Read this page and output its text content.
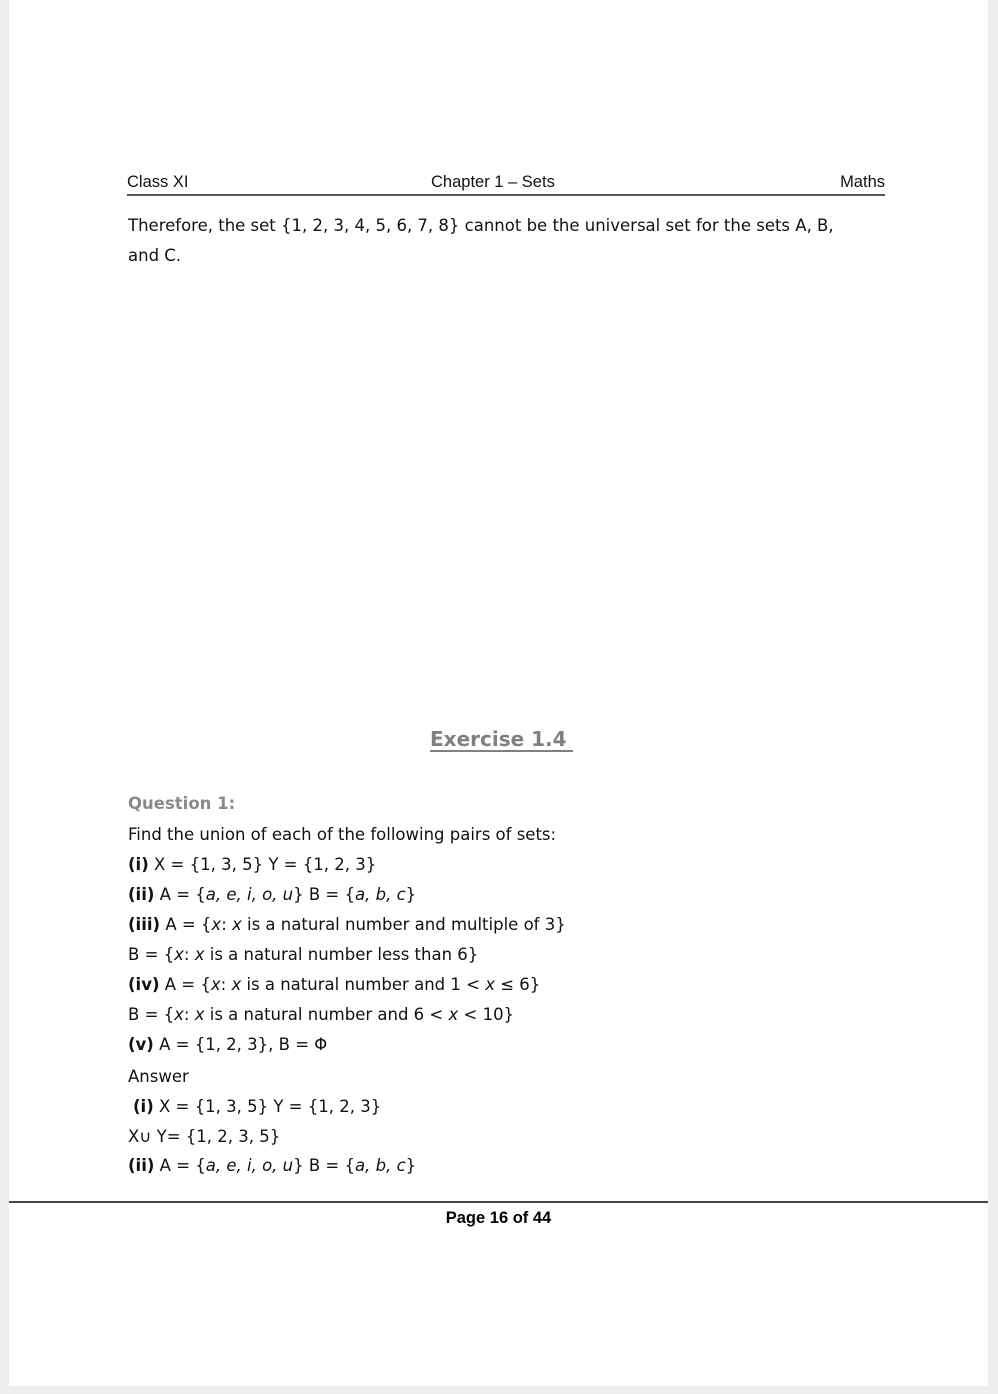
Class XI	Chapter 1 – Sets	Maths
Therefore, the set {1, 2, 3, 4, 5, 6, 7, 8} cannot be the universal set for the sets A, B,
and C.
Exercise 1.4
Question 1:
Find the union of each of the following pairs of sets:
(i) X = {1, 3, 5} Y = {1, 2, 3}
(ii) A = {a, e, i, o, u} B = {a, b, c}
(iii) A = {x: x is a natural number and multiple of 3}
B = {x: x is a natural number less than 6}
(iv) A = {x: x is a natural number and 1 < x ≤ 6}
B = {x: x is a natural number and 6 < x < 10}
(v) A = {1, 2, 3}, B = Φ
Answer
(i) X = {1, 3, 5} Y = {1, 2, 3}
X∪ Y= {1, 2, 3, 5}
(ii) A = {a, e, i, o, u} B = {a, b, c}
Page 16 of 44
